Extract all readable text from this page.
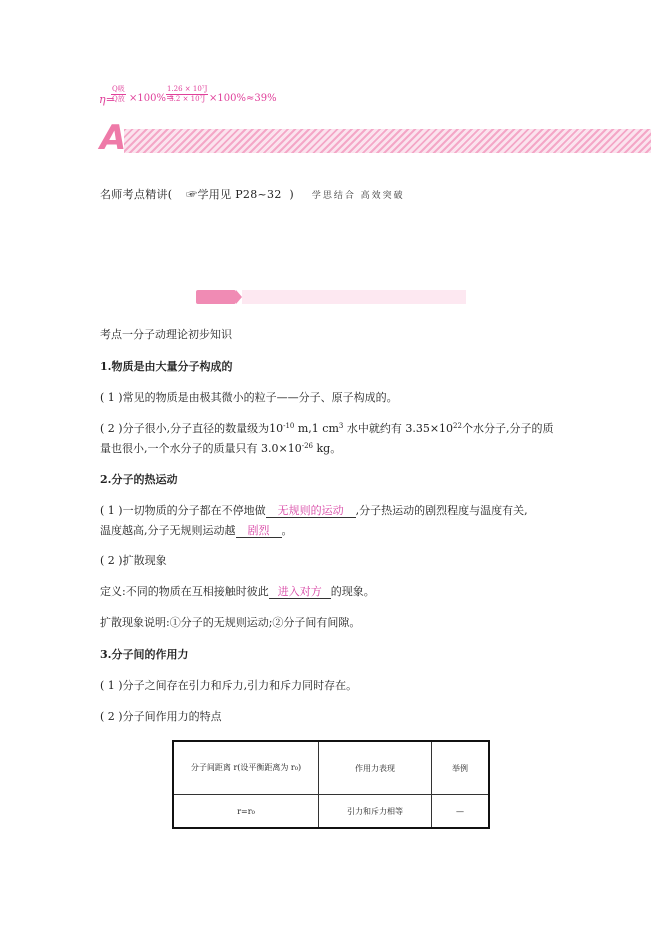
η=
Q吸
Q放 ×100%=
1.26 × 10⁷J
3.2 × 10⁷J ×100%≈39%
A
名师考点精讲( ☞学用见 P28~32 ) 学思结合 高效突破
考点一分子动理论初步知识
1.物质是由大量分子构成的
( 1 )常见的物质是由极其微小的粒子——分子、原子构成的。
( 2 )分子很小,分子直径的数量级为$10^{-10}$ m,1 $cm^3$ 水中就约有 $3.35\times 10^{22}$个水分子,分子的质
量也很小,一个水分子的质量只有 $3.0\times 10^{-26}$ kg。
2.分子的热运动
( 1 )一切物质的分子都在不停地做 无规则的运动 ,分子热运动的剧烈程度与温度有关,
温度越高,分子无规则运动越 剧烈 。
( 2 )扩散现象
定义:不同的物质在互相接触时彼此 进入对方 的现象。
扩散现象说明:①分子的无规则运动;②分子间有间隙。
3.分子间的作用力
( 1 )分子之间存在引力和斥力,引力和斥力同时存在。
( 2 )分子间作用力的特点
分子间距离 r(设平衡距离为 r₀)	作用力表现	举例
r=r₀	引力和斥力相等	—
